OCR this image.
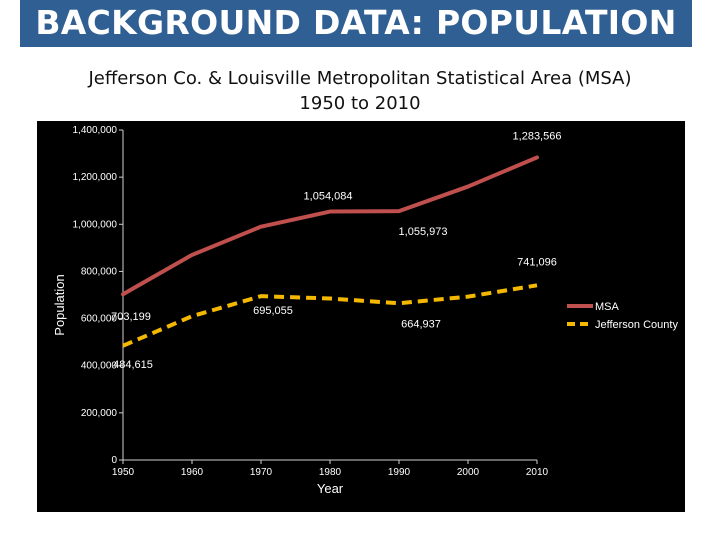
BACKGROUND DATA: POPULATION
Jefferson Co. & Louisville Metropolitan Statistical Area (MSA)
1950 to 2010
0
200,000
400,000
600,000
800,000
1,000,000
1,200,000
1,400,000
1950	1960	1970	1980	1990	2000	2010
Year
Population	703,199
1,054,084
1,055,973
1,283,566
484,615
695,055
664,937
741,096
MSA
Jefferson County
